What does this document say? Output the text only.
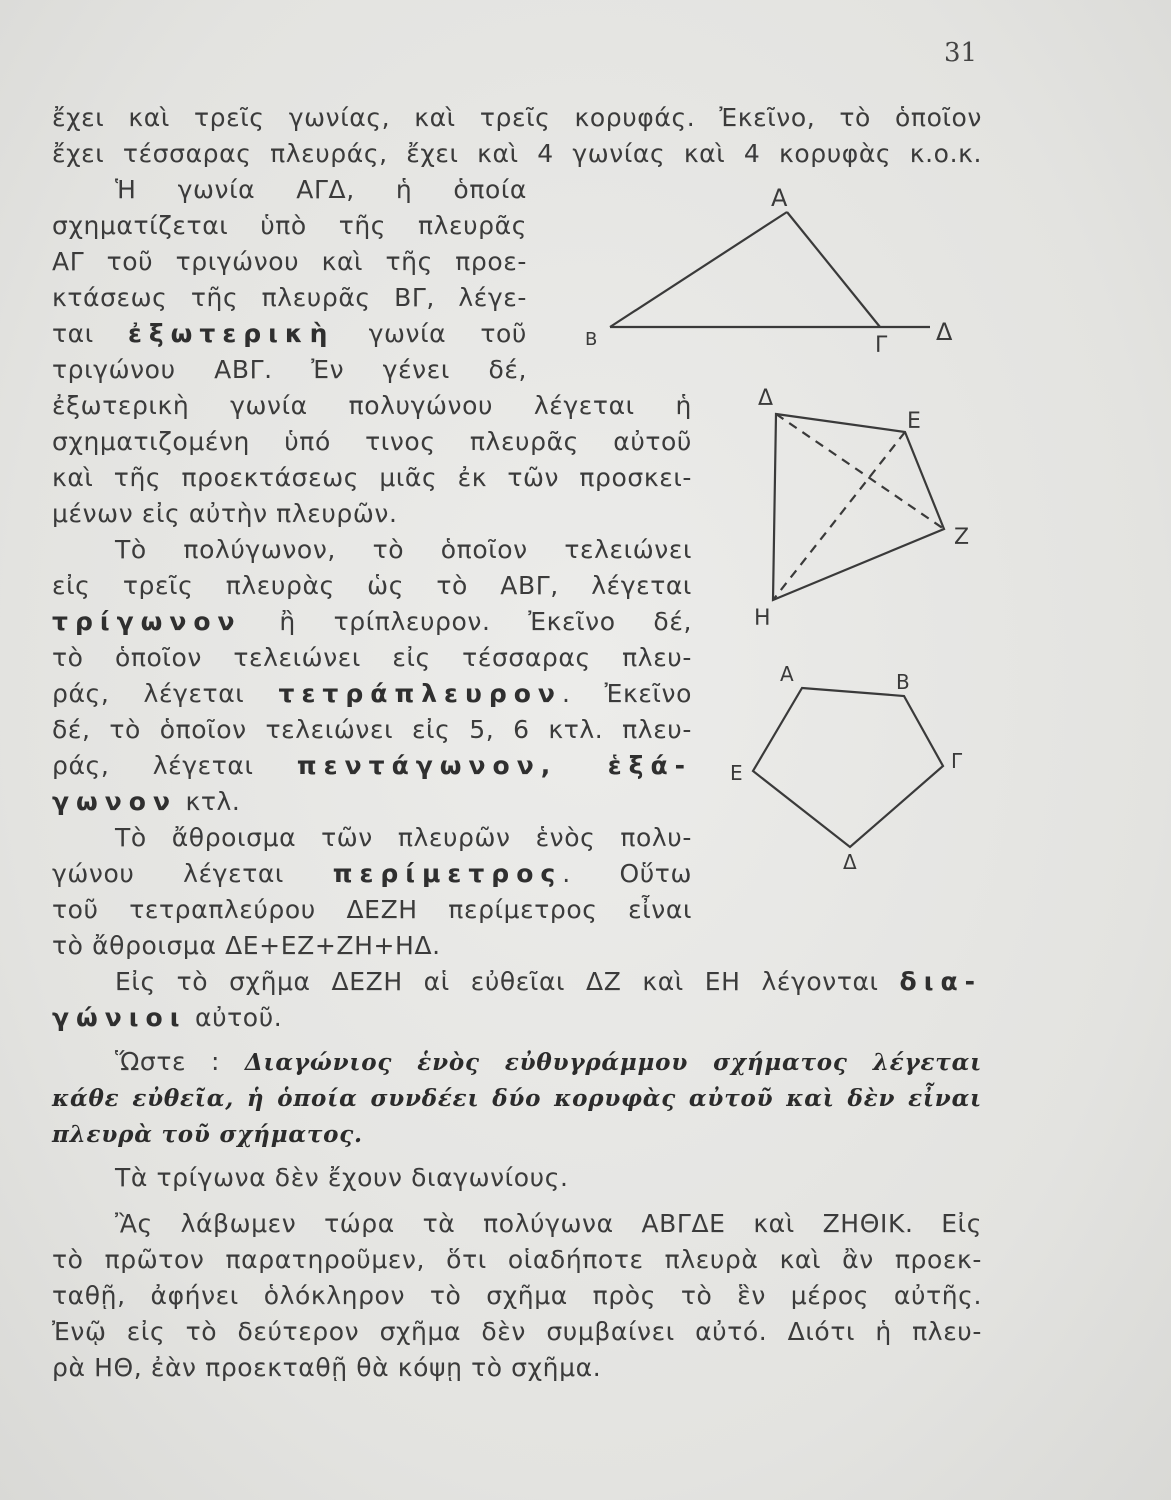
31
ἔχει καὶ τρεῖς γωνίας, καὶ τρεῖς κορυφάς. Ἐκεῖνο, τὸ ὁποῖον
ἔχει τέσσαρας πλευράς, ἔχει καὶ 4 γωνίας καὶ 4 κορυφὰς κ.ο.κ.
Ἡ γωνία ΑΓΔ, ἡ ὁποία
σχηματίζεται ὑπὸ τῆς πλευρᾶς
ΑΓ τοῦ τριγώνου καὶ τῆς προε-
κτάσεως τῆς πλευρᾶς ΒΓ, λέγε-
ται ἐξωτερικὴ γωνία τοῦ
τριγώνου ΑΒΓ. Ἐν γένει δέ,
ἐξωτερικὴ γωνία πολυγώνου λέγεται ἡ
σχηματιζομένη ὑπό τινος πλευρᾶς αὐτοῦ
καὶ τῆς προεκτάσεως μιᾶς ἐκ τῶν προσκει-
μένων εἰς αὐτὴν πλευρῶν.
Τὸ πολύγωνον, τὸ ὁποῖον τελειώνει
εἰς τρεῖς πλευρὰς ὡς τὸ ΑΒΓ, λέγεται
τρίγωνον ἢ τρίπλευρον. Ἐκεῖνο δέ,
τὸ ὁποῖον τελειώνει εἰς τέσσαρας πλευ-
ράς, λέγεται τετράπλευρον. Ἐκεῖνο
δέ, τὸ ὁποῖον τελειώνει εἰς 5, 6 κτλ. πλευ-
ράς, λέγεται πεντάγωνον, ἑξά-
γωνον κτλ.
Τὸ ἄθροισμα τῶν πλευρῶν ἑνὸς πολυ-
γώνου λέγεται περίμετρος. Οὕτω
τοῦ τετραπλεύρου ΔΕΖΗ περίμετρος εἶναι
τὸ ἄθροισμα ΔΕ+ΕΖ+ΖΗ+ΗΔ.
Εἰς τὸ σχῆμα ΔΕΖΗ αἱ εὐθεῖαι ΔΖ καὶ ΕΗ λέγονται δια-
γώνιοι αὐτοῦ.
Ὥστε : Διαγώνιος ἑνὸς εὐθυγράμμου σχήματος λέγεται
κάθε εὐθεῖα, ἡ ὁποία συνδέει δύο κορυφὰς αὐτοῦ καὶ δὲν εἶναι
πλευρὰ τοῦ σχήματος.
Τὰ τρίγωνα δὲν ἔχουν διαγωνίους.
Ἂς λάβωμεν τώρα τὰ πολύγωνα ΑΒΓΔΕ καὶ ΖΗΘΙΚ. Εἰς
τὸ πρῶτον παρατηροῦμεν, ὅτι οἱαδήποτε πλευρὰ καὶ ἂν προεκ-
ταθῇ, ἀφήνει ὁλόκληρον τὸ σχῆμα πρὸς τὸ ἓν μέρος αὐτῆς.
Ἐνῷ εἰς τὸ δεύτερον σχῆμα δὲν συμβαίνει αὐτό. Διότι ἡ πλευ-
ρὰ ΗΘ, ἐὰν προεκταθῇ θὰ κόψῃ τὸ σχῆμα.
Α
Β	Γ Δ
Δ
Ε
Ζ
Η
Α	Β
Γ
Δ
Ε
